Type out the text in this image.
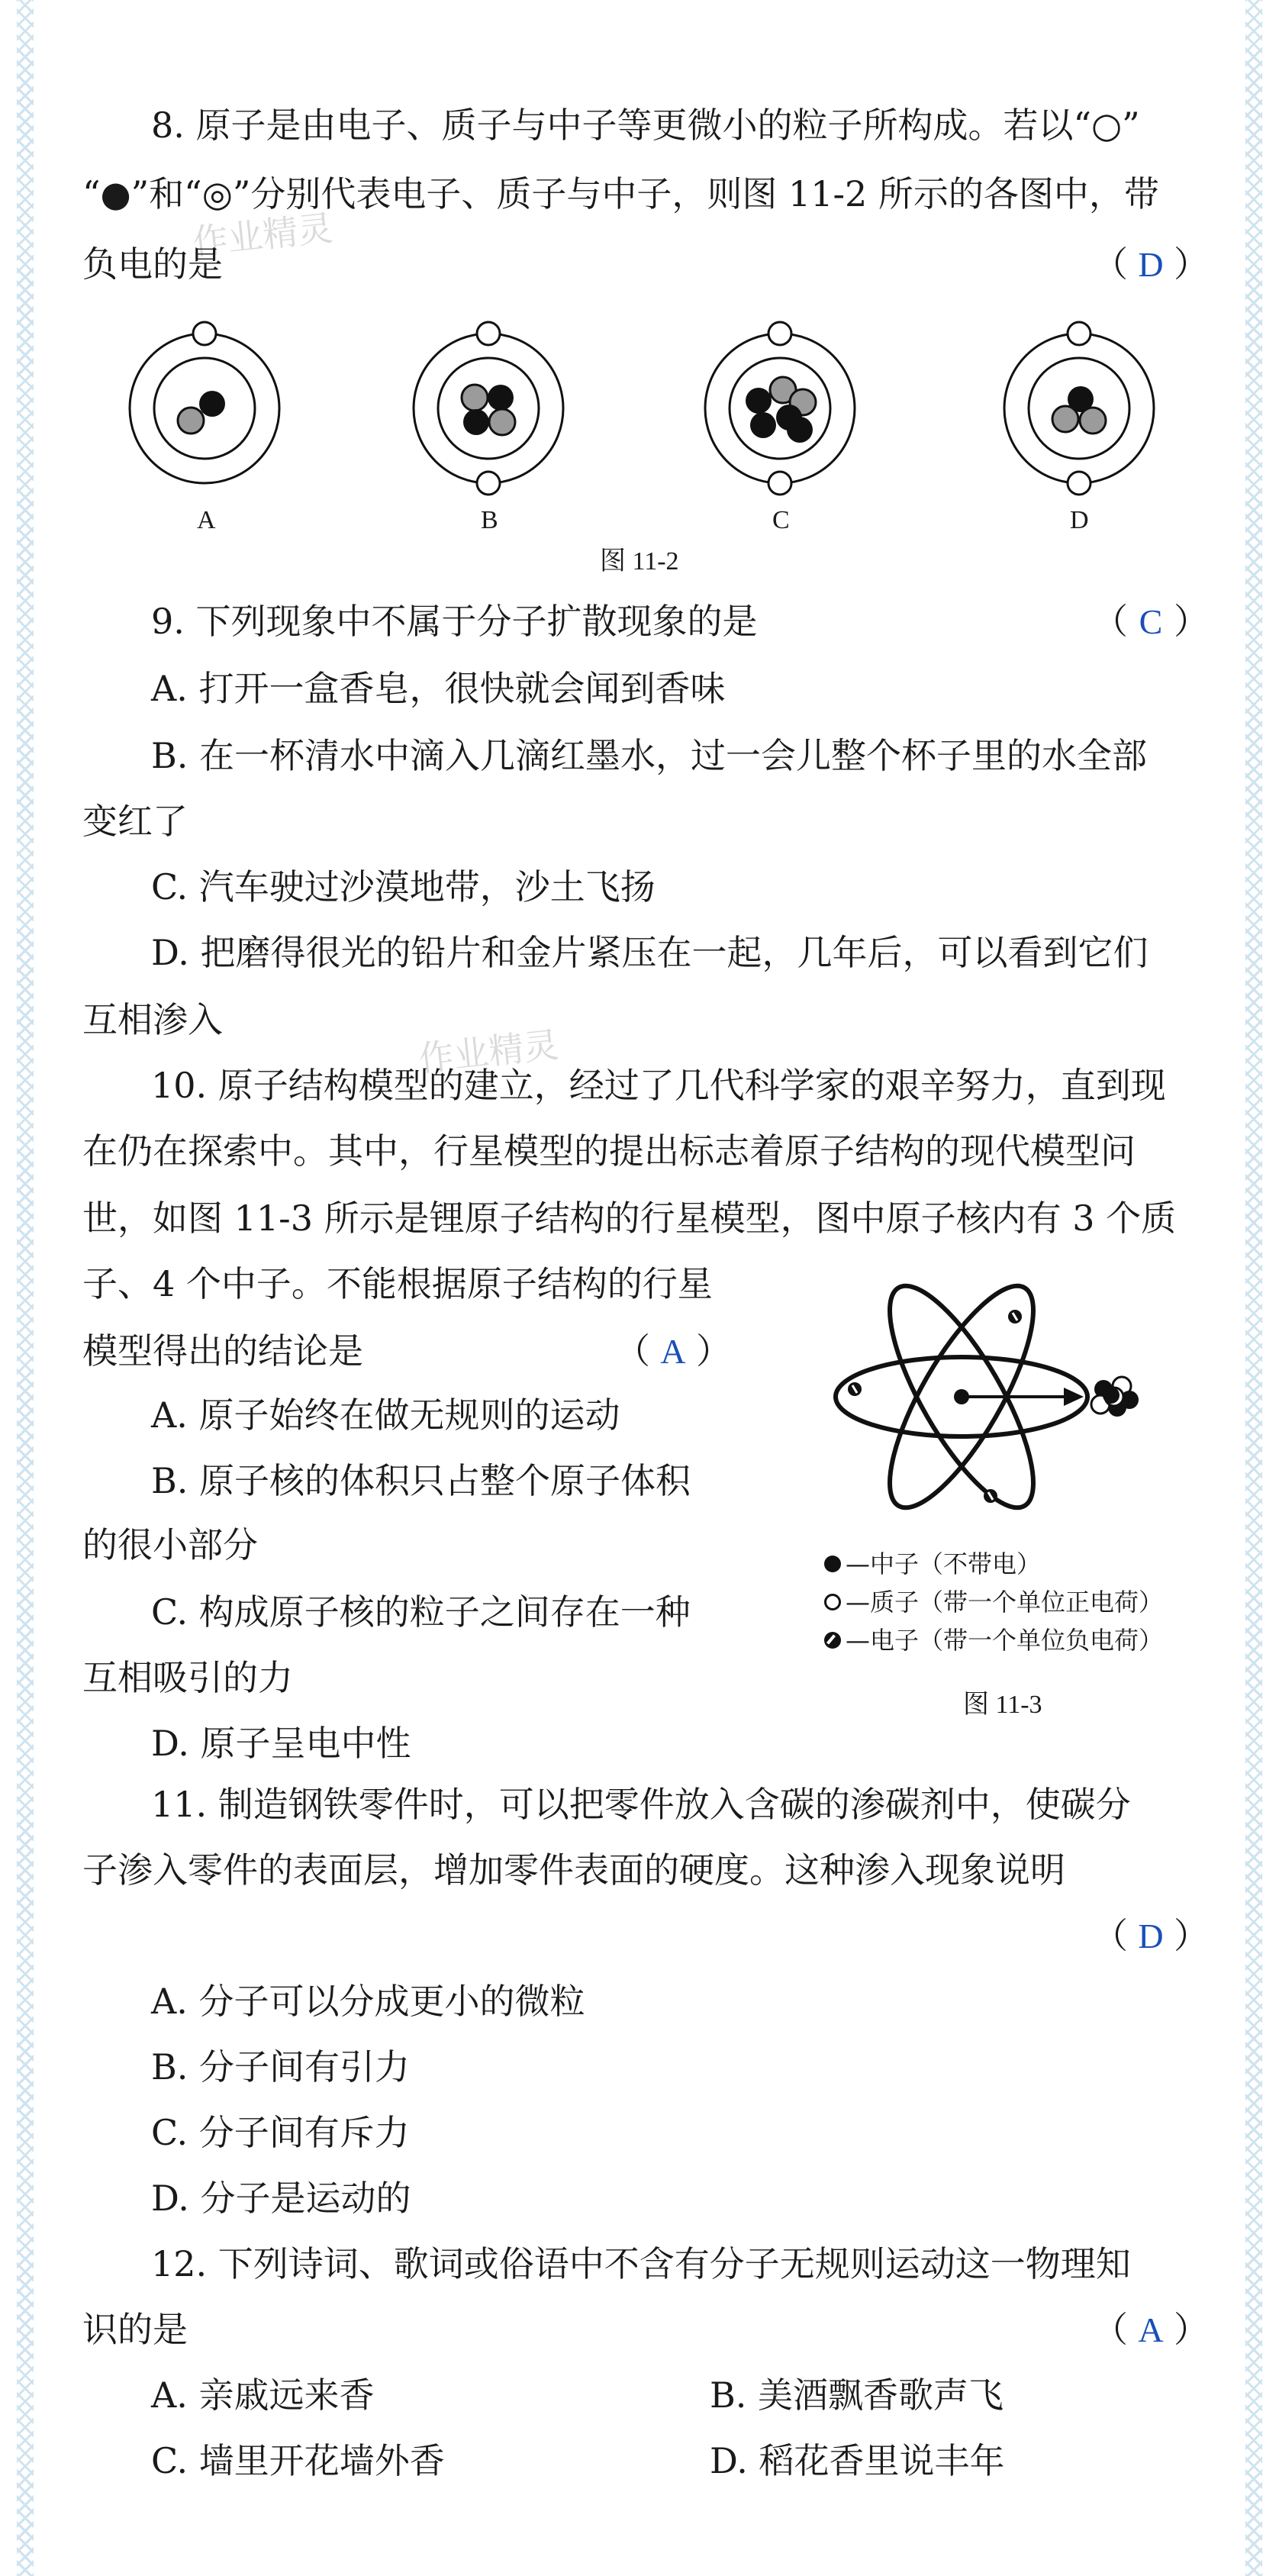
8. 原子是由电子、质子与中子等更微小的粒子所构成。若以“○”
“●”和“◎”分别代表电子、质子与中子，则图 11-2 所示的各图中，带
作业精灵
负电的是	（ D ）
A	B	C	D
图 11-2
9. 下列现象中不属于分子扩散现象的是	（ C ）
A. 打开一盒香皂，很快就会闻到香味
B. 在一杯清水中滴入几滴红墨水，过一会儿整个杯子里的水全部
变红了
C. 汽车驶过沙漠地带，沙土飞扬
D. 把磨得很光的铅片和金片紧压在一起，几年后，可以看到它们
互相渗入
作业精灵
10. 原子结构模型的建立，经过了几代科学家的艰辛努力，直到现
在仍在探索中。其中，行星模型的提出标志着原子结构的现代模型问
世，如图 11-3 所示是锂原子结构的行星模型，图中原子核内有 3 个质
子、4 个中子。不能根据原子结构的行星
模型得出的结论是	（ A ）
A. 原子始终在做无规则的运动
B. 原子核的体积只占整个原子体积
的很小部分
C. 构成原子核的粒子之间存在一种
互相吸引的力
D. 原子呈电中性
—中子（不带电）
—质子（带一个单位正电荷）
—电子（带一个单位负电荷）
图 11-3
11. 制造钢铁零件时，可以把零件放入含碳的渗碳剂中，使碳分
子渗入零件的表面层，增加零件表面的硬度。这种渗入现象说明
（ D ）
A. 分子可以分成更小的微粒
B. 分子间有引力
C. 分子间有斥力
D. 分子是运动的
12. 下列诗词、歌词或俗语中不含有分子无规则运动这一物理知
识的是	（ A ）
A. 亲戚远来香	B. 美酒飘香歌声飞
C. 墙里开花墙外香	D. 稻花香里说丰年
